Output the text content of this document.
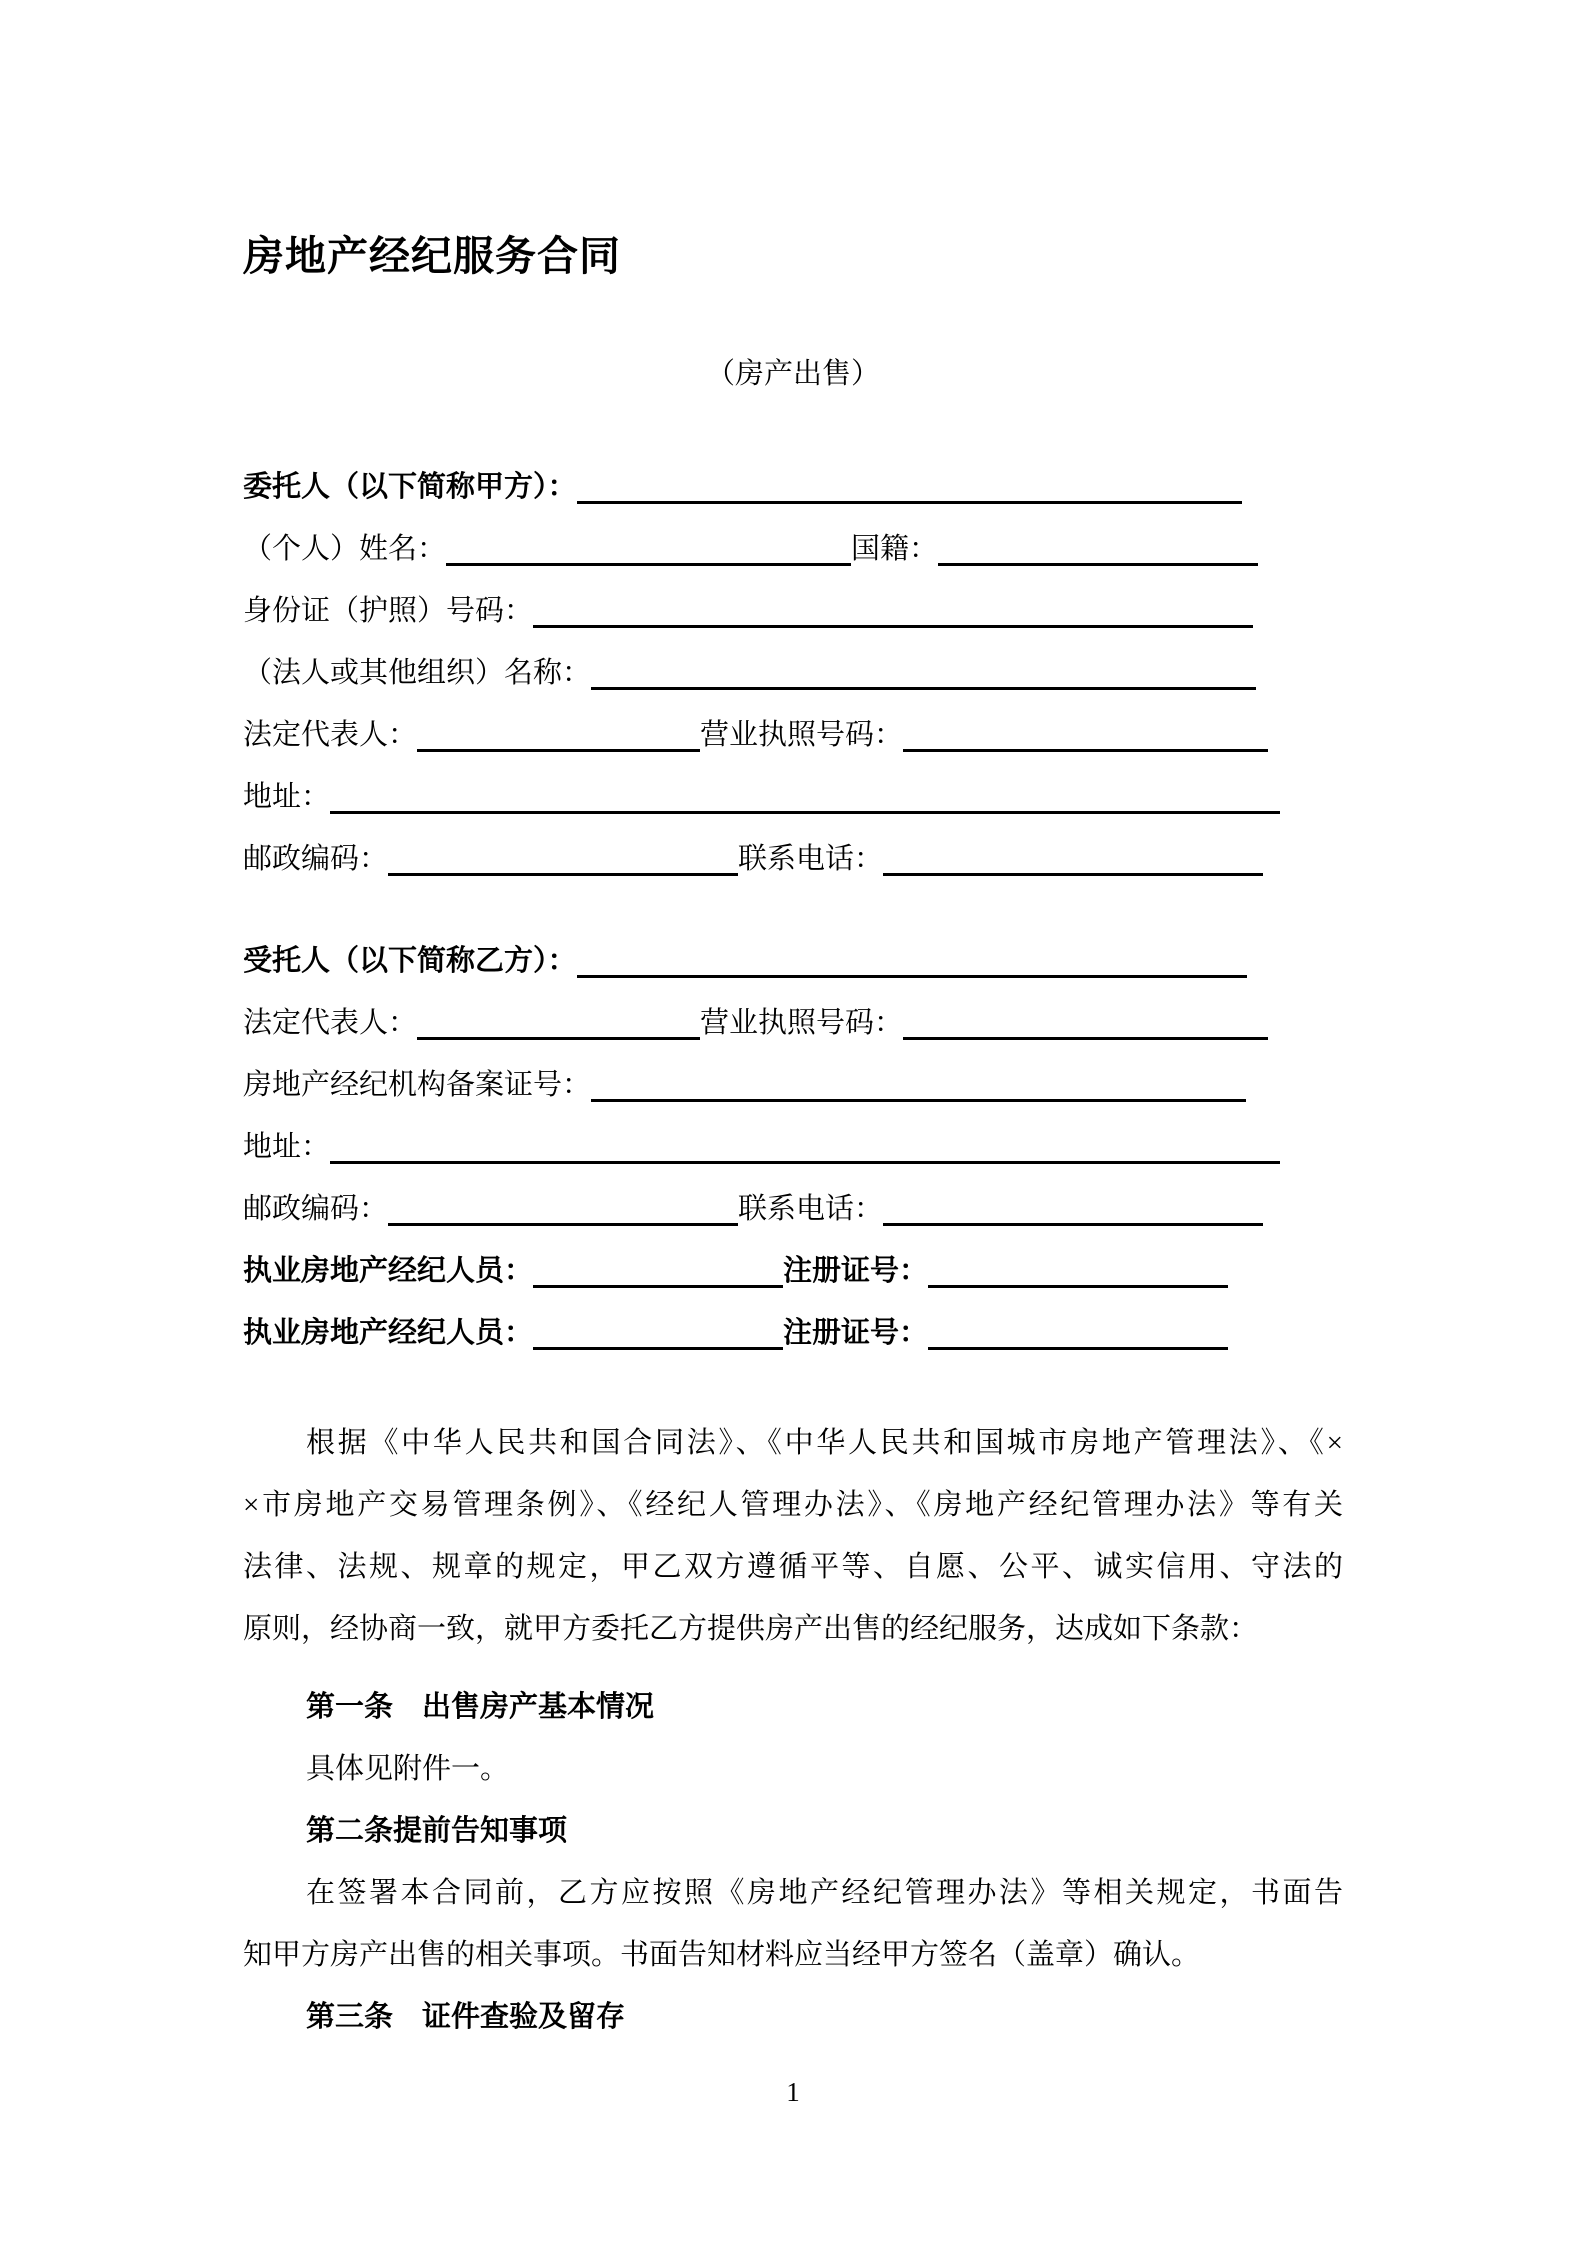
房地产经纪服务合同
（房产出售）
委托人（以下简称甲方）：
（个人）姓名：	国籍：
身份证（护照）号码：
（法人或其他组织）名称：
法定代表人：	营业执照号码：
地址：
邮政编码：	联系电话：
受托人（以下简称乙方）：
法定代表人：	营业执照号码：
房地产经纪机构备案证号：
地址：
邮政编码：	联系电话：
执业房地产经纪人员：	注册证号：
执业房地产经纪人员：	注册证号：
根据《中华人民共和国合同法》、《中华人民共和国城市房地产管理法》、《×
×市房地产交易管理条例》、《经纪人管理办法》、《房地产经纪管理办法》等有关
法律、法规、规章的规定，甲乙双方遵循平等、自愿、公平、诚实信用、守法的
原则，经协商一致，就甲方委托乙方提供房产出售的经纪服务，达成如下条款：
第一条　出售房产基本情况
具体见附件一。
第二条提前告知事项
在签署本合同前，乙方应按照《房地产经纪管理办法》等相关规定，书面告
知甲方房产出售的相关事项。书面告知材料应当经甲方签名（盖章）确认。
第三条　证件查验及留存
1
